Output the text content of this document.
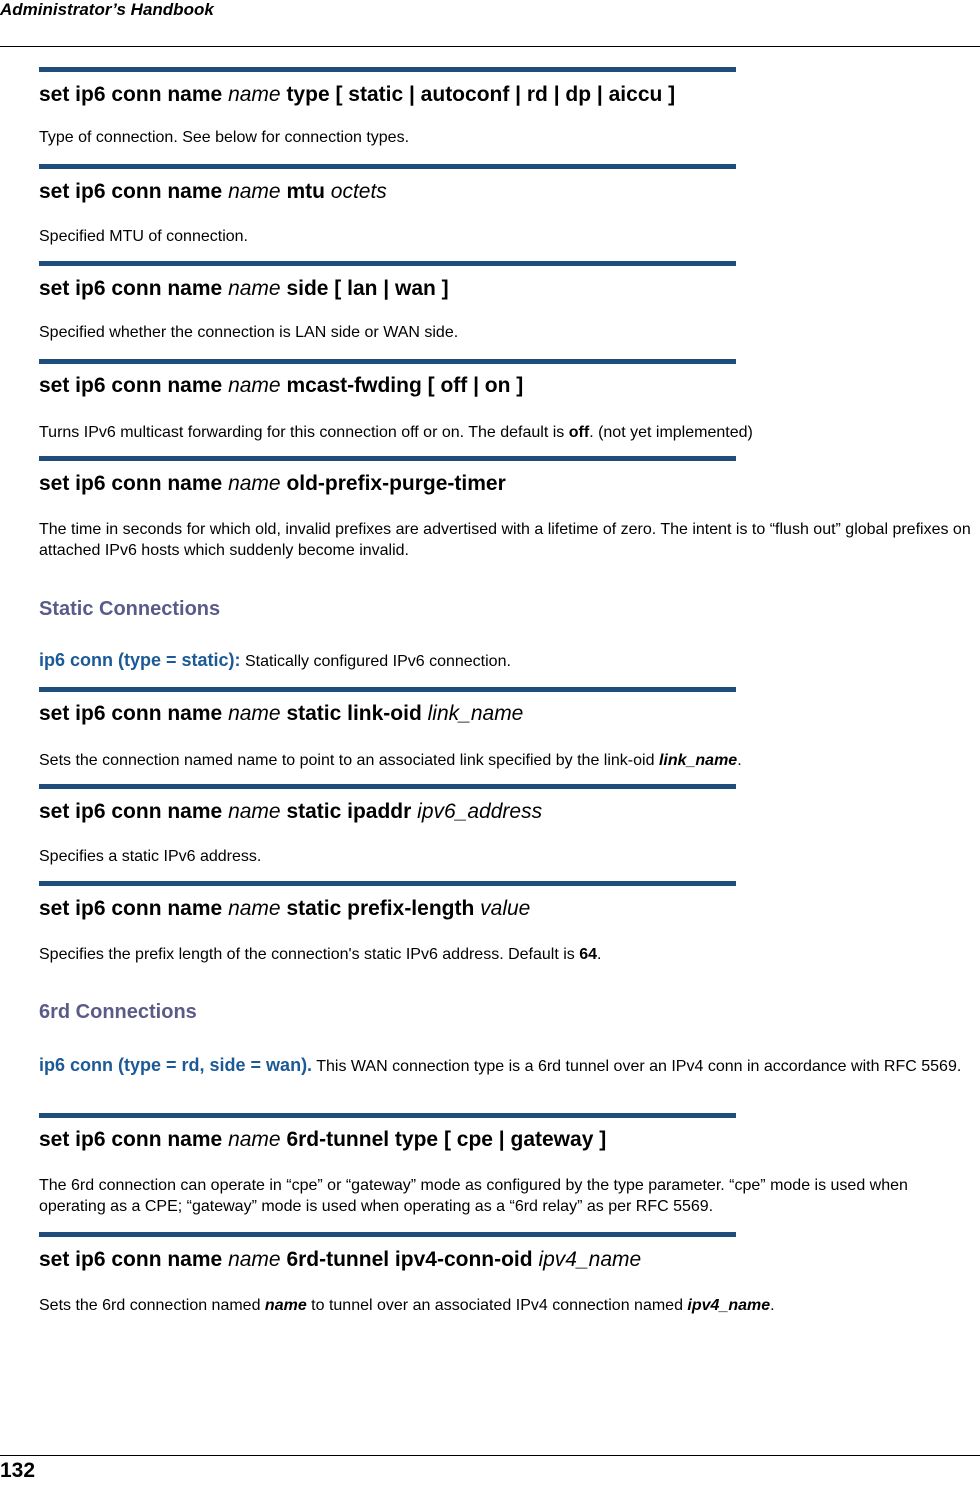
Administrator’s Handbook
set ip6 conn name name type [ static | autoconf | rd | dp | aiccu ]
Type of connection. See below for connection types.
set ip6 conn name name mtu octets
Specified MTU of connection.
set ip6 conn name name side [ lan | wan ]
Specified whether the connection is LAN side or WAN side.
set ip6 conn name name mcast-fwding [ off | on ]
Turns IPv6 multicast forwarding for this connection off or on. The default is off. (not yet implemented)
set ip6 conn name name old-prefix-purge-timer
The time in seconds for which old, invalid prefixes are advertised with a lifetime of zero. The intent is to “flush out” global prefixes on attached IPv6 hosts which suddenly become invalid.
Static Connections
ip6 conn (type = static): Statically configured IPv6 connection.
set ip6 conn name name static link-oid link_name
Sets the connection named name to point to an associated link specified by the link-oid link_name.
set ip6 conn name name static ipaddr ipv6_address
Specifies a static IPv6 address.
set ip6 conn name name static prefix-length value
Specifies the prefix length of the connection's static IPv6 address. Default is 64.
6rd Connections
ip6 conn (type = rd, side = wan). This WAN connection type is a 6rd tunnel over an IPv4 conn in accordance with RFC 5569.
set ip6 conn name name 6rd-tunnel type [ cpe | gateway ]
The 6rd connection can operate in “cpe” or “gateway” mode as configured by the type parameter. “cpe” mode is used when operating as a CPE; “gateway” mode is used when operating as a “6rd relay” as per RFC 5569.
set ip6 conn name name 6rd-tunnel ipv4-conn-oid ipv4_name
Sets the 6rd connection named name to tunnel over an associated IPv4 connection named ipv4_name.
132
